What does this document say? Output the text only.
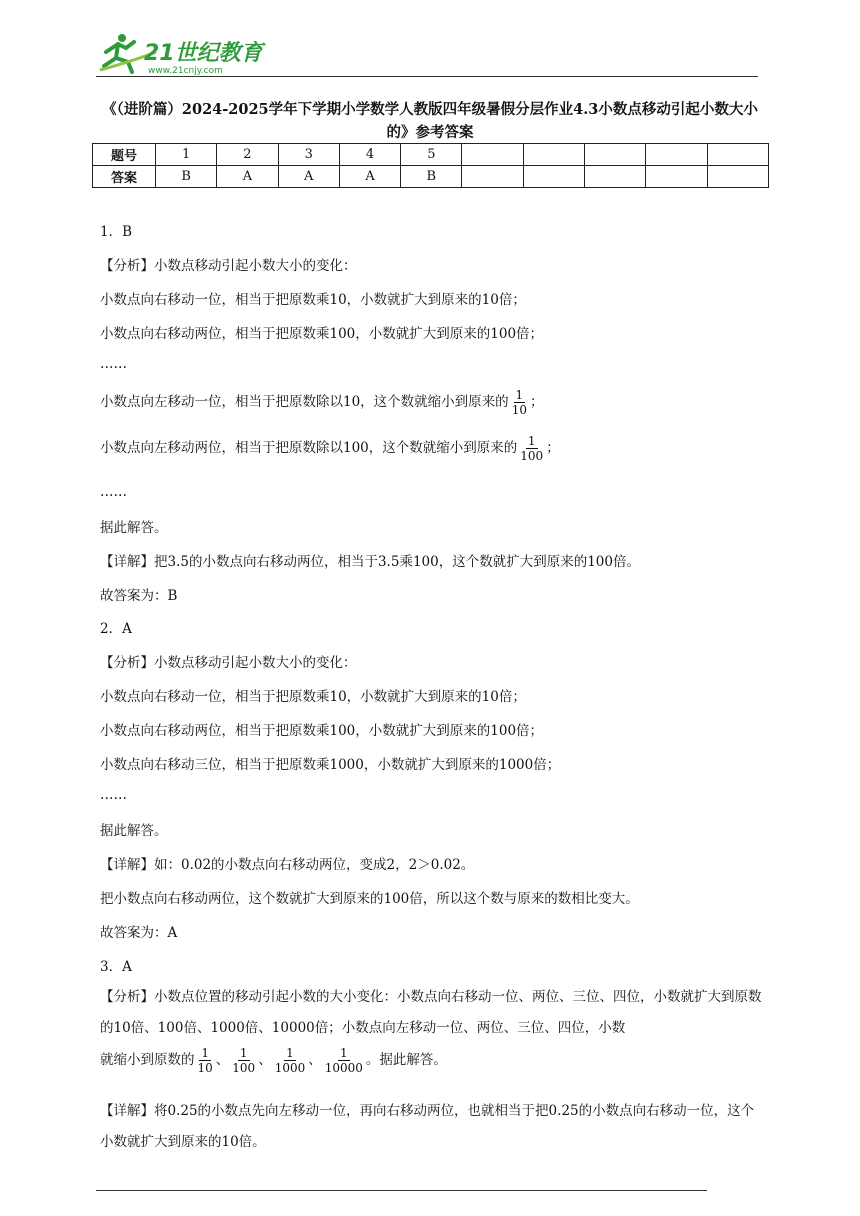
21世纪教育
www.21cnjy.com
《（进阶篇）2024-2025学年下学期小学数学人教版四年级暑假分层作业4.3小数点移动引起小数大小的》参考答案
题号	1	2	3	4	5					
答案	B	A	A	A	B					
1．B
【分析】小数点移动引起小数大小的变化：
小数点向右移动一位，相当于把原数乘10，小数就扩大到原来的10倍；
小数点向右移动两位，相当于把原数乘100，小数就扩大到原来的100倍；
……
小数点向左移动一位，相当于把原数除以10，这个数就缩小到原来的 $\frac{1}{10}$ ；
小数点向左移动两位，相当于把原数除以100，这个数就缩小到原来的 $\frac{1}{100}$ ；
……
据此解答。
【详解】把3.5的小数点向右移动两位，相当于3.5乘100，这个数就扩大到原来的100倍。
故答案为：B
2．A
【分析】小数点移动引起小数大小的变化：
小数点向右移动一位，相当于把原数乘10，小数就扩大到原来的10倍；
小数点向右移动两位，相当于把原数乘100，小数就扩大到原来的100倍；
小数点向右移动三位，相当于把原数乘1000，小数就扩大到原来的1000倍；
……
据此解答。
【详解】如：0.02的小数点向右移动两位，变成2，2＞0.02。
把小数点向右移动两位，这个数就扩大到原来的100倍，所以这个数与原来的数相比变大。
故答案为：A
3．A
【分析】小数点位置的移动引起小数的大小变化：小数点向右移动一位、两位、三位、四位，小数就扩大到原数的10倍、100倍、1000倍、10000倍；小数点向左移动一位、两位、三位、四位，小数
就缩小到原数的 $\frac{1}{10}$ 、 $\frac{1}{100}$ 、 $\frac{1}{1000}$ 、 $\frac{1}{10000}$ 。据此解答。
【详解】将0.25的小数点先向左移动一位，再向右移动两位，也就相当于把0.25的小数点向右移动一位，这个小数就扩大到原来的10倍。
